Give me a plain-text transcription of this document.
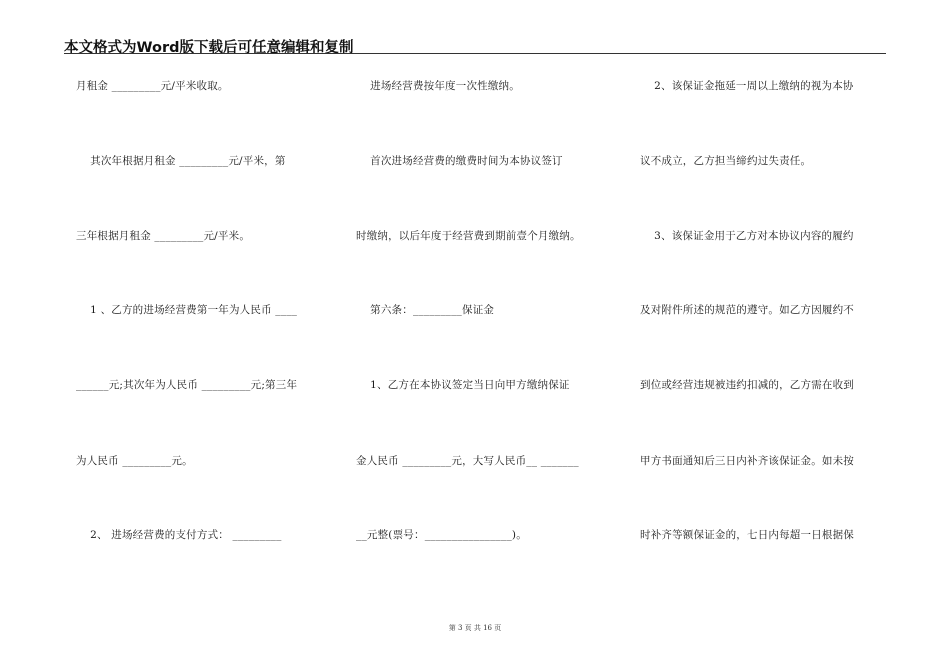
本文格式为Word版下载后可任意编辑和复制
月租金 _________元/平米收取。
其次年根据月租金 _________元/平米，第
三年根据月租金 _________元/平米。
1 、乙方的进场经营费第一年为人民币 ____
______元;其次年为人民币 _________元;第三年
为人民币 _________元。
2、 进场经营费的支付方式： _________
进场经营费按年度一次性缴纳。
首次进场经营费的缴费时间为本协议签订
时缴纳，以后年度于经营费到期前壹个月缴纳。
第六条：_________保证金
1、乙方在本协议签定当日向甲方缴纳保证
金人民币 _________元，大写人民币__ _______
__元整(票号：________________)。
2、该保证金拖延一周以上缴纳的视为本协
议不成立，乙方担当缔约过失责任。
3、该保证金用于乙方对本协议内容的履约
及对附件所述的规范的遵守。如乙方因履约不
到位或经营违规被违约扣减的，乙方需在收到
甲方书面通知后三日内补齐该保证金。如未按
时补齐等额保证金的，七日内每超一日根据保
第 3 页 共 16 页
